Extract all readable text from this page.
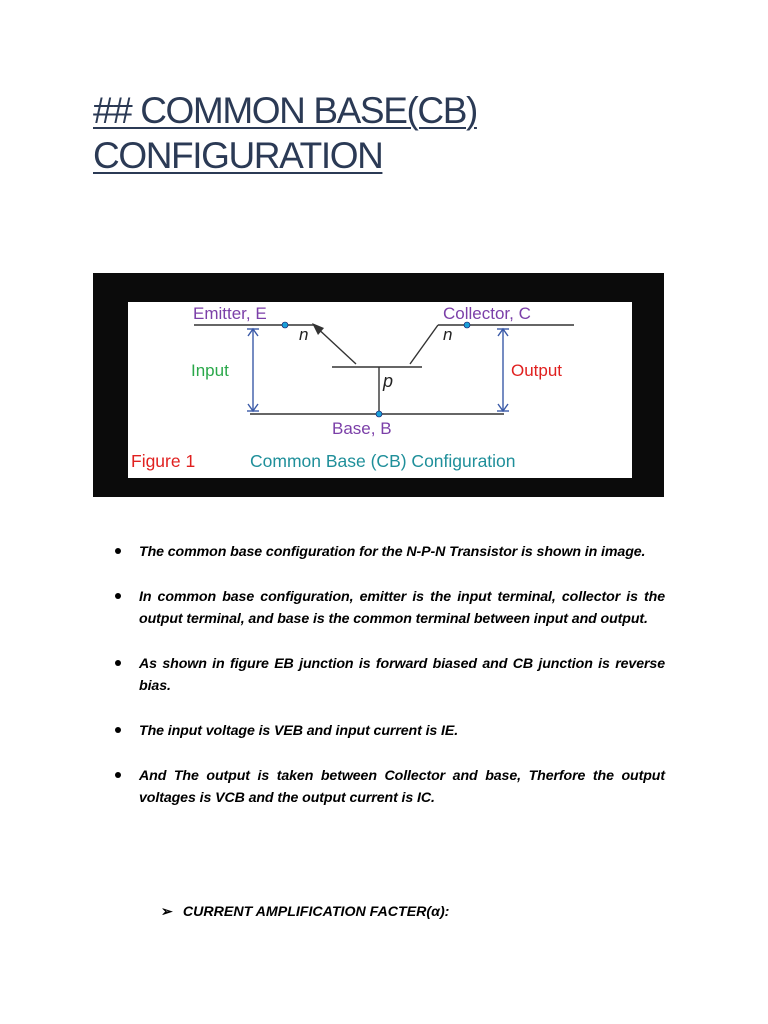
## COMMON BASE(CB) CONFIGURATION
Emitter, E	Collector, C
n	n
p
Input	Output
Base, B
Figure 1	Common Base (CB) Configuration
The common base configuration for the N-P-N Transistor is shown in image.
In common base configuration, emitter is the input terminal, collector is the output terminal, and base is the common terminal between input and output.
As shown in figure EB junction is forward biased and CB junction is reverse bias.
The input voltage is VEB and input current is IE.
And The output is taken between Collector and base, Therfore the output voltages is VCB and the output current is IC.

➢ CURRENT AMPLIFICATION FACTER(α):
